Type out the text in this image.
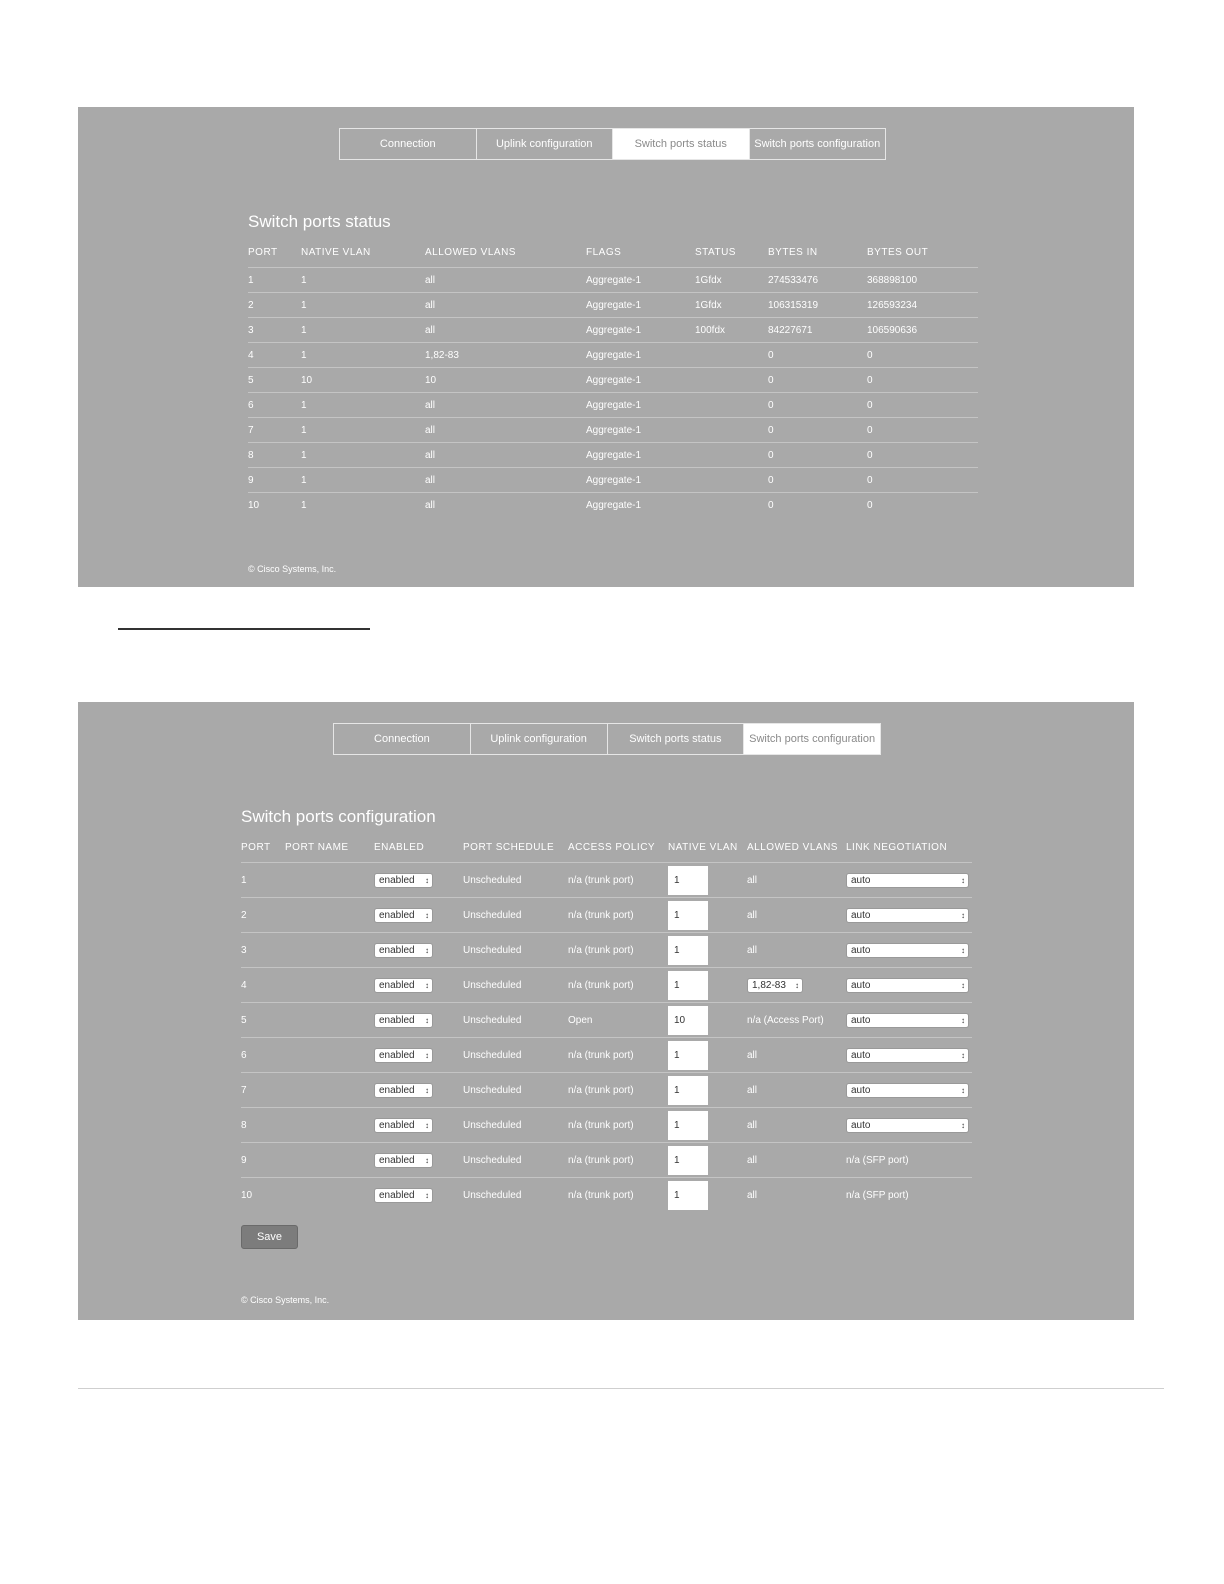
Connection	Uplink configuration	Switch ports status	Switch ports configuration
Switch ports status
PORT	NATIVE VLAN	ALLOWED VLANS	FLAGS	STATUS	BYTES IN	BYTES OUT
1	1	all	Aggregate-1	1Gfdx	274533476	368898100
2	1	all	Aggregate-1	1Gfdx	106315319	126593234
3	1	all	Aggregate-1	100fdx	84227671	106590636
4	1	1,82-83	Aggregate-1		0	0
5	10	10	Aggregate-1		0	0
6	1	all	Aggregate-1		0	0
7	1	all	Aggregate-1		0	0
8	1	all	Aggregate-1		0	0
9	1	all	Aggregate-1		0	0
10	1	all	Aggregate-1		0	0
© Cisco Systems, Inc.
Connection	Uplink configuration	Switch ports status	Switch ports configuration
Switch ports configuration
PORT	PORT NAME	ENABLED	PORT SCHEDULE	ACCESS POLICY	NATIVE VLAN	ALLOWED VLANS	LINK NEGOTIATION
1		enabled ↕	Unscheduled	n/a (trunk port)	1	all	auto ↕

2		enabled ↕	Unscheduled	n/a (trunk port)	1	all	auto ↕

3		enabled ↕	Unscheduled	n/a (trunk port)	1	all	auto ↕

4		enabled ↕	Unscheduled	n/a (trunk port)	1	1,82-83 ↕	auto ↕

5		enabled ↕	Unscheduled	Open	10	n/a (Access Port)	auto ↕

6		enabled ↕	Unscheduled	n/a (trunk port)	1	all	auto ↕

7		enabled ↕	Unscheduled	n/a (trunk port)	1	all	auto ↕

8		enabled ↕	Unscheduled	n/a (trunk port)	1	all	auto ↕

9		enabled ↕	Unscheduled	n/a (trunk port)	1	all	n/a (SFP port)
10		enabled ↕	Unscheduled	n/a (trunk port)	1	all	n/a (SFP port)
Save
© Cisco Systems, Inc.
